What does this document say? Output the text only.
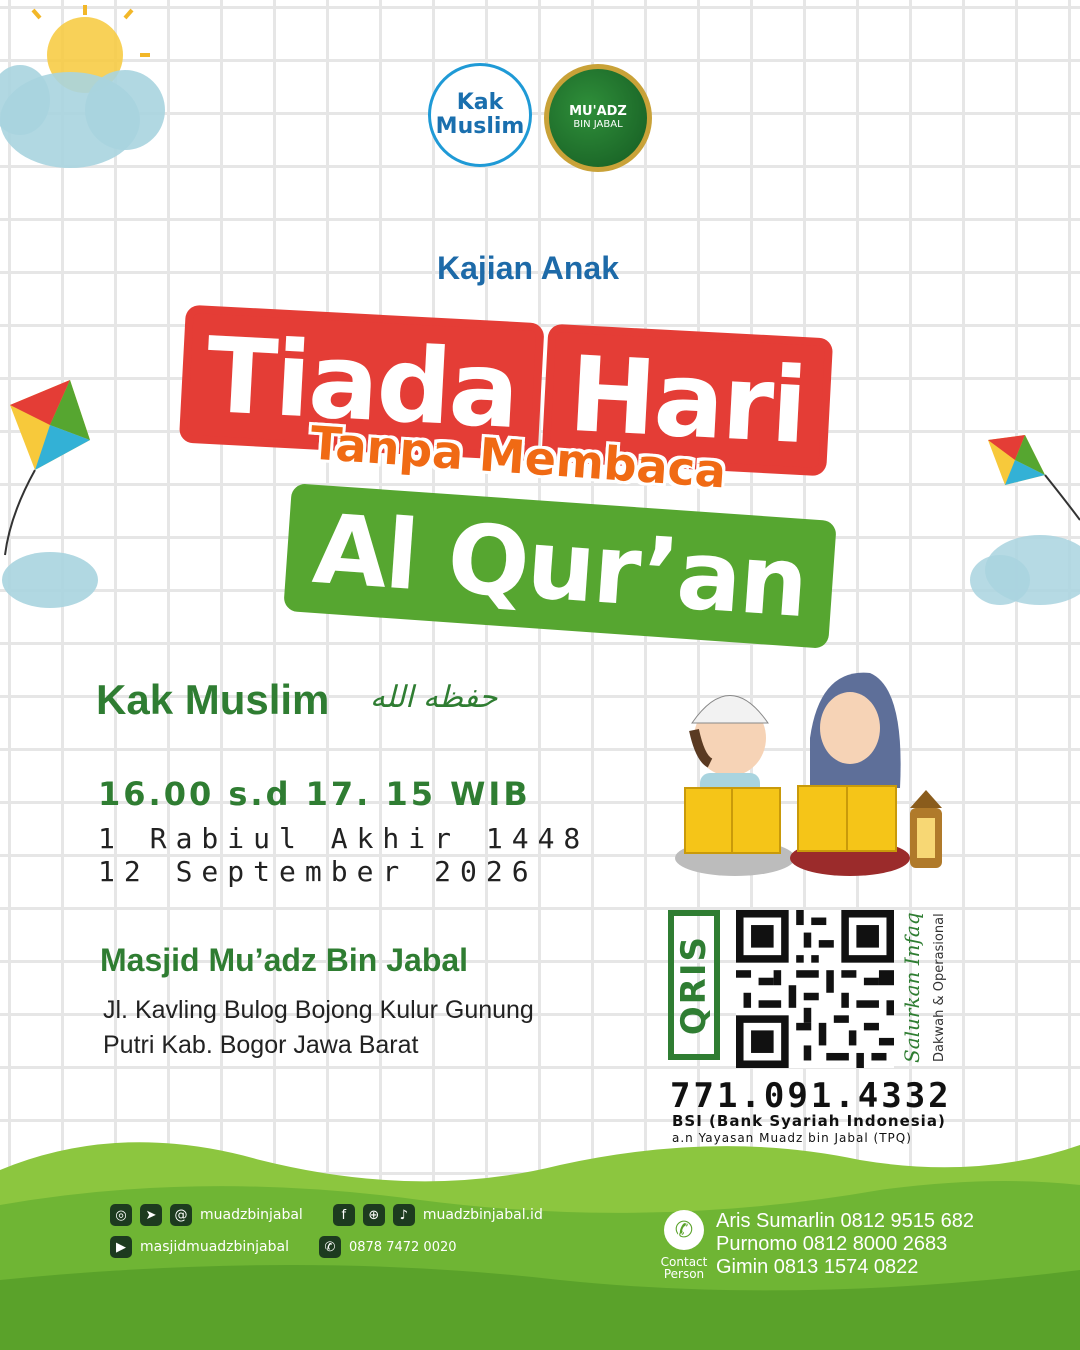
Kak
Muslim
MU'ADZ
BIN JABAL
Kajian Anak
Tiada Hari
Tanpa Membaca
Al Qur’an
Kak Muslim حفظه الله
16.00 s.d 17. 15 WIB
1 Rabiul Akhir 1448
12 September 2026
Masjid Mu’adz Bin Jabal
Jl. Kavling Bulog Bojong Kulur Gunung
Putri Kab. Bogor Jawa Barat
QRIS	Salurkan Infaq Dakwah & Operasional
771.091.4332
BSI (Bank Syariah Indonesia)
a.n Yayasan Muadz bin Jabal (TPQ)
◎	➤	@ muadzbinjabal	f	⊕	♪	muadzbinjabal.id
▶	masjidmuadzbinjabal	✆	0878 7472 0020
✆
Contact Person
Aris Sumarlin 0812 9515 682
Purnomo 0812 8000 2683
Gimin 0813 1574 0822
